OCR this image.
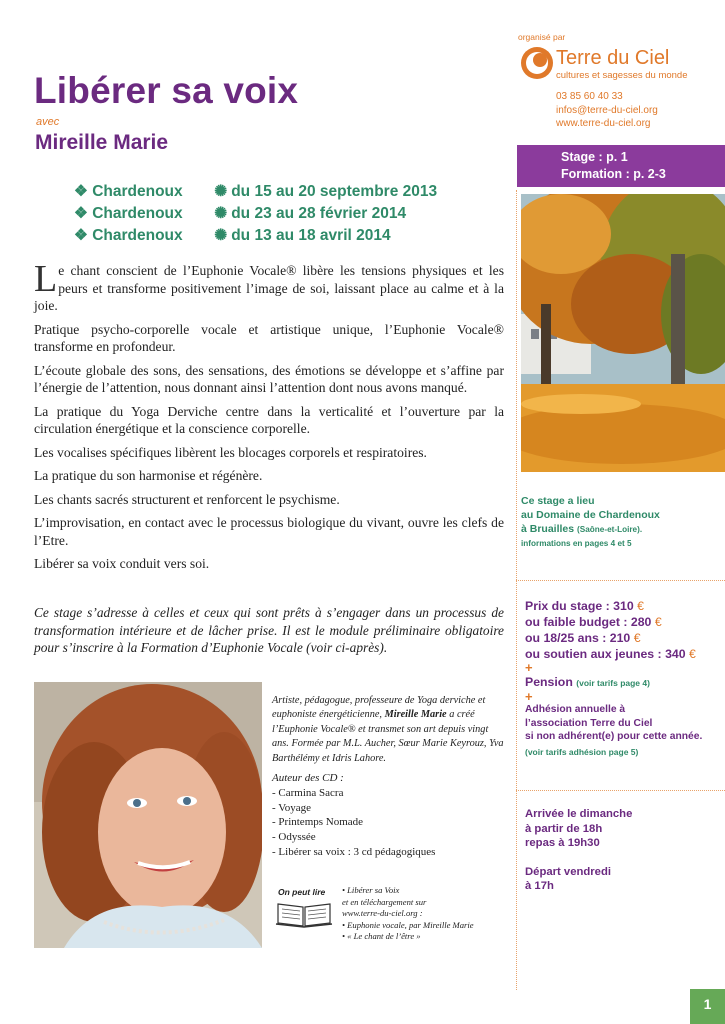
Libérer sa voix
avec
Mireille Marie
❖ Chardenoux ✺ du 15 au 20 septembre 2013
❖ Chardenoux ✺ du 23 au 28 février 2014
❖ Chardenoux ✺ du 13 au 18 avril 2014

Le chant conscient de l’Euphonie Vocale® libère les tensions physiques et les peurs et transforme positivement l’image de soi, laissant place au calme et à la joie.

Pratique psycho-corporelle vocale et artistique unique, l’Euphonie Vocale® transforme en profondeur.

L’écoute globale des sons, des sensations, des émotions se développe et s’affine par l’énergie de l’attention, nous donnant ainsi l’attention dont nous avons manqué.

La pratique du Yoga Derviche centre dans la verticalité et l’ouverture par la circulation énergétique et la conscience corporelle.

Les vocalises spécifiques libèrent les blocages corporels et respiratoires.

La pratique du son harmonise et régénère.

Les chants sacrés structurent et renforcent le psychisme.

L’improvisation, en contact avec le processus biologique du vivant, ouvre les clefs de l’Etre.

Libérer sa voix conduit vers soi.

Ce stage s’adresse à celles et ceux qui sont prêts à s’engager dans un processus de transformation intérieure et de lâcher prise. Il est le module préliminaire obligatoire pour s’inscrire à la Formation d’Euphonie Vocale (voir ci-après).

Artiste, pédagogue, professeure de Yoga derviche et euphoniste énergéticienne, Mireille Marie a créé l’Euphonie Vocale® et transmet son art depuis vingt ans. Formée par M.L. Aucher, Sœur Marie Keyrouz, Yva Barthélémy et Idris Lahore.

Auteur des CD :
- Carmina Sacra
- Voyage
- Printemps Nomade
- Odyssée
- Libérer sa voix : 3 cd pédagogiques
On peut lire • Libérer sa Voix
et en téléchargement sur
www.terre-du-ciel.org :
• Euphonie vocale, par Mireille Marie
• « Le chant de l’être »
organisé par
Terre du Ciel
cultures et sagesses du monde
03 85 60 40 33
infos@terre-du-ciel.org
www.terre-du-ciel.org
Stage : p. 1
Formation : p. 2-3
Ce stage a lieu
au Domaine de Chardenoux
à Bruailles (Saône-et-Loire).
informations en pages 4 et 5
Prix du stage : 310 €
ou faible budget : 280 €
ou 18/25 ans : 210 €
ou soutien aux jeunes : 340 €
+
Pension (voir tarifs page 4)
+
Adhésion annuelle à
l’association Terre du Ciel
si non adhérent(e) pour cette année.
(voir tarifs adhésion page 5)
Arrivée le dimanche
à partir de 18h
repas à 19h30
Départ vendredi
à 17h
1
